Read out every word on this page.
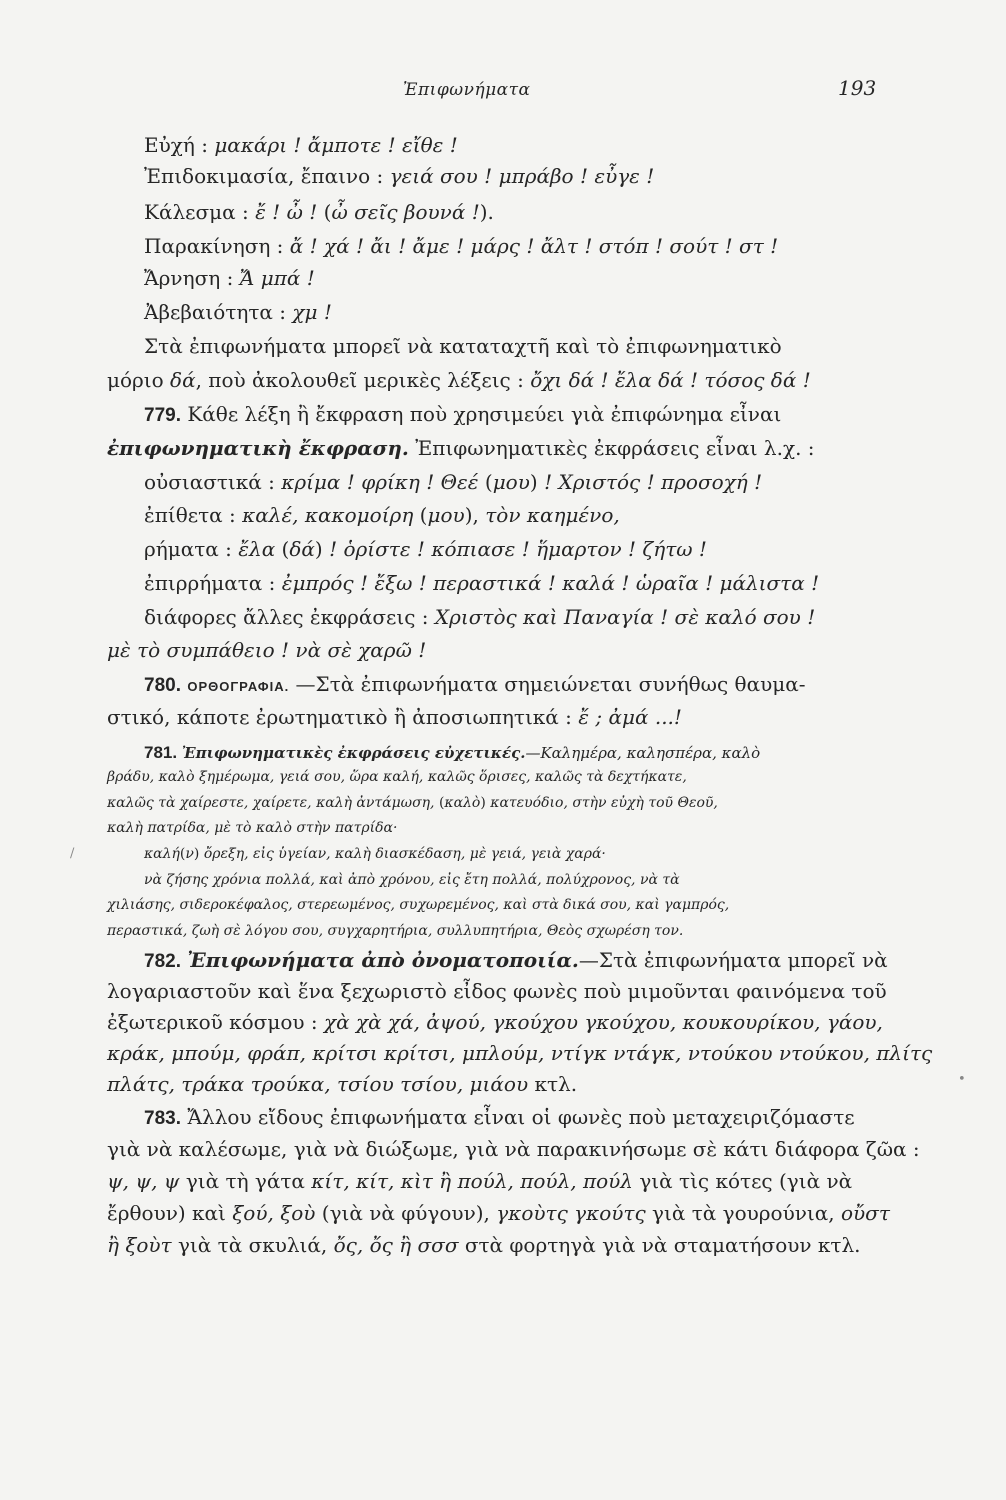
Ἐπιφωνήματα	193
Εὐχή : μακάρι ! ἄμποτε ! εἴθε !
Ἐπιδοκιμασία, ἔπαινο : γειά σου ! μπράβο ! εὖγε !
Κάλεσμα : ἔ ! ὦ ! (ὦ σεῖς βουνά !).
Παρακίνηση : ἄ ! χά ! ἄι ! ἄμε ! μάρς ! ἄλτ ! στόπ ! σούτ ! στ !
Ἄρνηση : Ἄ μπά !
Ἀβεβαιότητα : χμ !
Στὰ ἐπιφωνήματα μπορεῖ νὰ καταταχτῆ καὶ τὸ ἐπιφωνηματικὸ
μόριο δά, ποὺ ἀκολουθεῖ μερικὲς λέξεις : ὄχι δά ! ἔλα δά ! τόσος δά !
779. Κάθε λέξη ἢ ἔκφραση ποὺ χρησιμεύει γιὰ ἐπιφώνημα εἶναι
ἐπιφωνηματικὴ ἔκφραση. Ἐπιφωνηματικὲς ἐκφράσεις εἶναι λ.χ. :
οὐσιαστικά : κρίμα ! φρίκη ! Θεέ (μου) ! Χριστός ! προσοχή !
ἐπίθετα : καλέ, κακομοίρη (μου), τὸν καημένο,
ρήματα : ἔλα (δά) ! ὁρίστε ! κόπιασε ! ἥμαρτον ! ζήτω !
ἐπιρρήματα : ἐμπρός ! ἔξω ! περαστικά ! καλά ! ὡραῖα ! μάλιστα !
διάφορες ἄλλες ἐκφράσεις : Χριστὸς καὶ Παναγία ! σὲ καλό σου !
μὲ τὸ συμπάθειο ! νὰ σὲ χαρῶ !
780. ΟΡΘΟΓΡΑΦΙΑ. —Στὰ ἐπιφωνήματα σημειώνεται συνήθως θαυμα-
στικό, κάποτε ἐρωτηματικὸ ἢ ἀποσιωπητικά : ἔ ; ἀμά ...!
781. Ἐπιφωνηματικὲς ἐκφράσεις εὐχετικές.—Καλημέρα, καλησπέρα, καλὸ
βράδυ, καλὸ ξημέρωμα, γειά σου, ὥρα καλή, καλῶς ὅρισες, καλῶς τὰ δεχτήκατε,
καλῶς τὰ χαίρεστε, χαίρετε, καλὴ ἀντάμωση, (καλὸ) κατευόδιο, στὴν εὐχὴ τοῦ Θεοῦ,
καλὴ πατρίδα, μὲ τὸ καλὸ στὴν πατρίδα·
καλή(ν) ὄρεξη, εἰς ὑγείαν, καλὴ διασκέδαση, μὲ γειά, γειὰ χαρά·
νὰ ζήσης χρόνια πολλά, καὶ ἀπὸ χρόνου, εἰς ἔτη πολλά, πολύχρονος, νὰ τὰ
χιλιάσης, σιδεροκέφαλος, στερεωμένος, συχωρεμένος, καὶ στὰ δικά σου, καὶ γαμπρός,
περαστικά, ζωὴ σὲ λόγου σου, συγχαρητήρια, συλλυπητήρια, Θεὸς σχωρέση τον.
782. Ἐπιφωνήματα ἀπὸ ὀνοματοποιία.—Στὰ ἐπιφωνήματα μπορεῖ νὰ
λογαριαστοῦν καὶ ἕνα ξεχωριστὸ εἶδος φωνὲς ποὺ μιμοῦνται φαινόμενα τοῦ
ἐξωτερικοῦ κόσμου : χὰ χὰ χά, ἀψού, γκούχου γκούχου, κουκουρίκου, γάου,
κράκ, μπούμ, φράπ, κρίτσι κρίτσι, μπλούμ, ντίγκ ντάγκ, ντούκου ντούκου, πλίτς
πλάτς, τράκα τρούκα, τσίου τσίου, μιάου κτλ.
783. Ἄλλου εἴδους ἐπιφωνήματα εἶναι οἱ φωνὲς ποὺ μεταχειριζόμαστε
γιὰ νὰ καλέσωμε, γιὰ νὰ διώξωμε, γιὰ νὰ παρακινήσωμε σὲ κάτι διάφορα ζῶα :
ψ, ψ, ψ γιὰ τὴ γάτα κίτ, κίτ, κὶτ ἢ πούλ, πούλ, πούλ γιὰ τὶς κότες (γιὰ νὰ
ἔρθουν) καὶ ξού, ξοὺ (γιὰ νὰ φύγουν), γκοὺτς γκούτς γιὰ τὰ γουρούνια, οὔστ
ἢ ξοὺτ γιὰ τὰ σκυλιά, ὄς, ὄς ἢ σσσ στὰ φορτηγὰ γιὰ νὰ σταματήσουν κτλ.
/
•
